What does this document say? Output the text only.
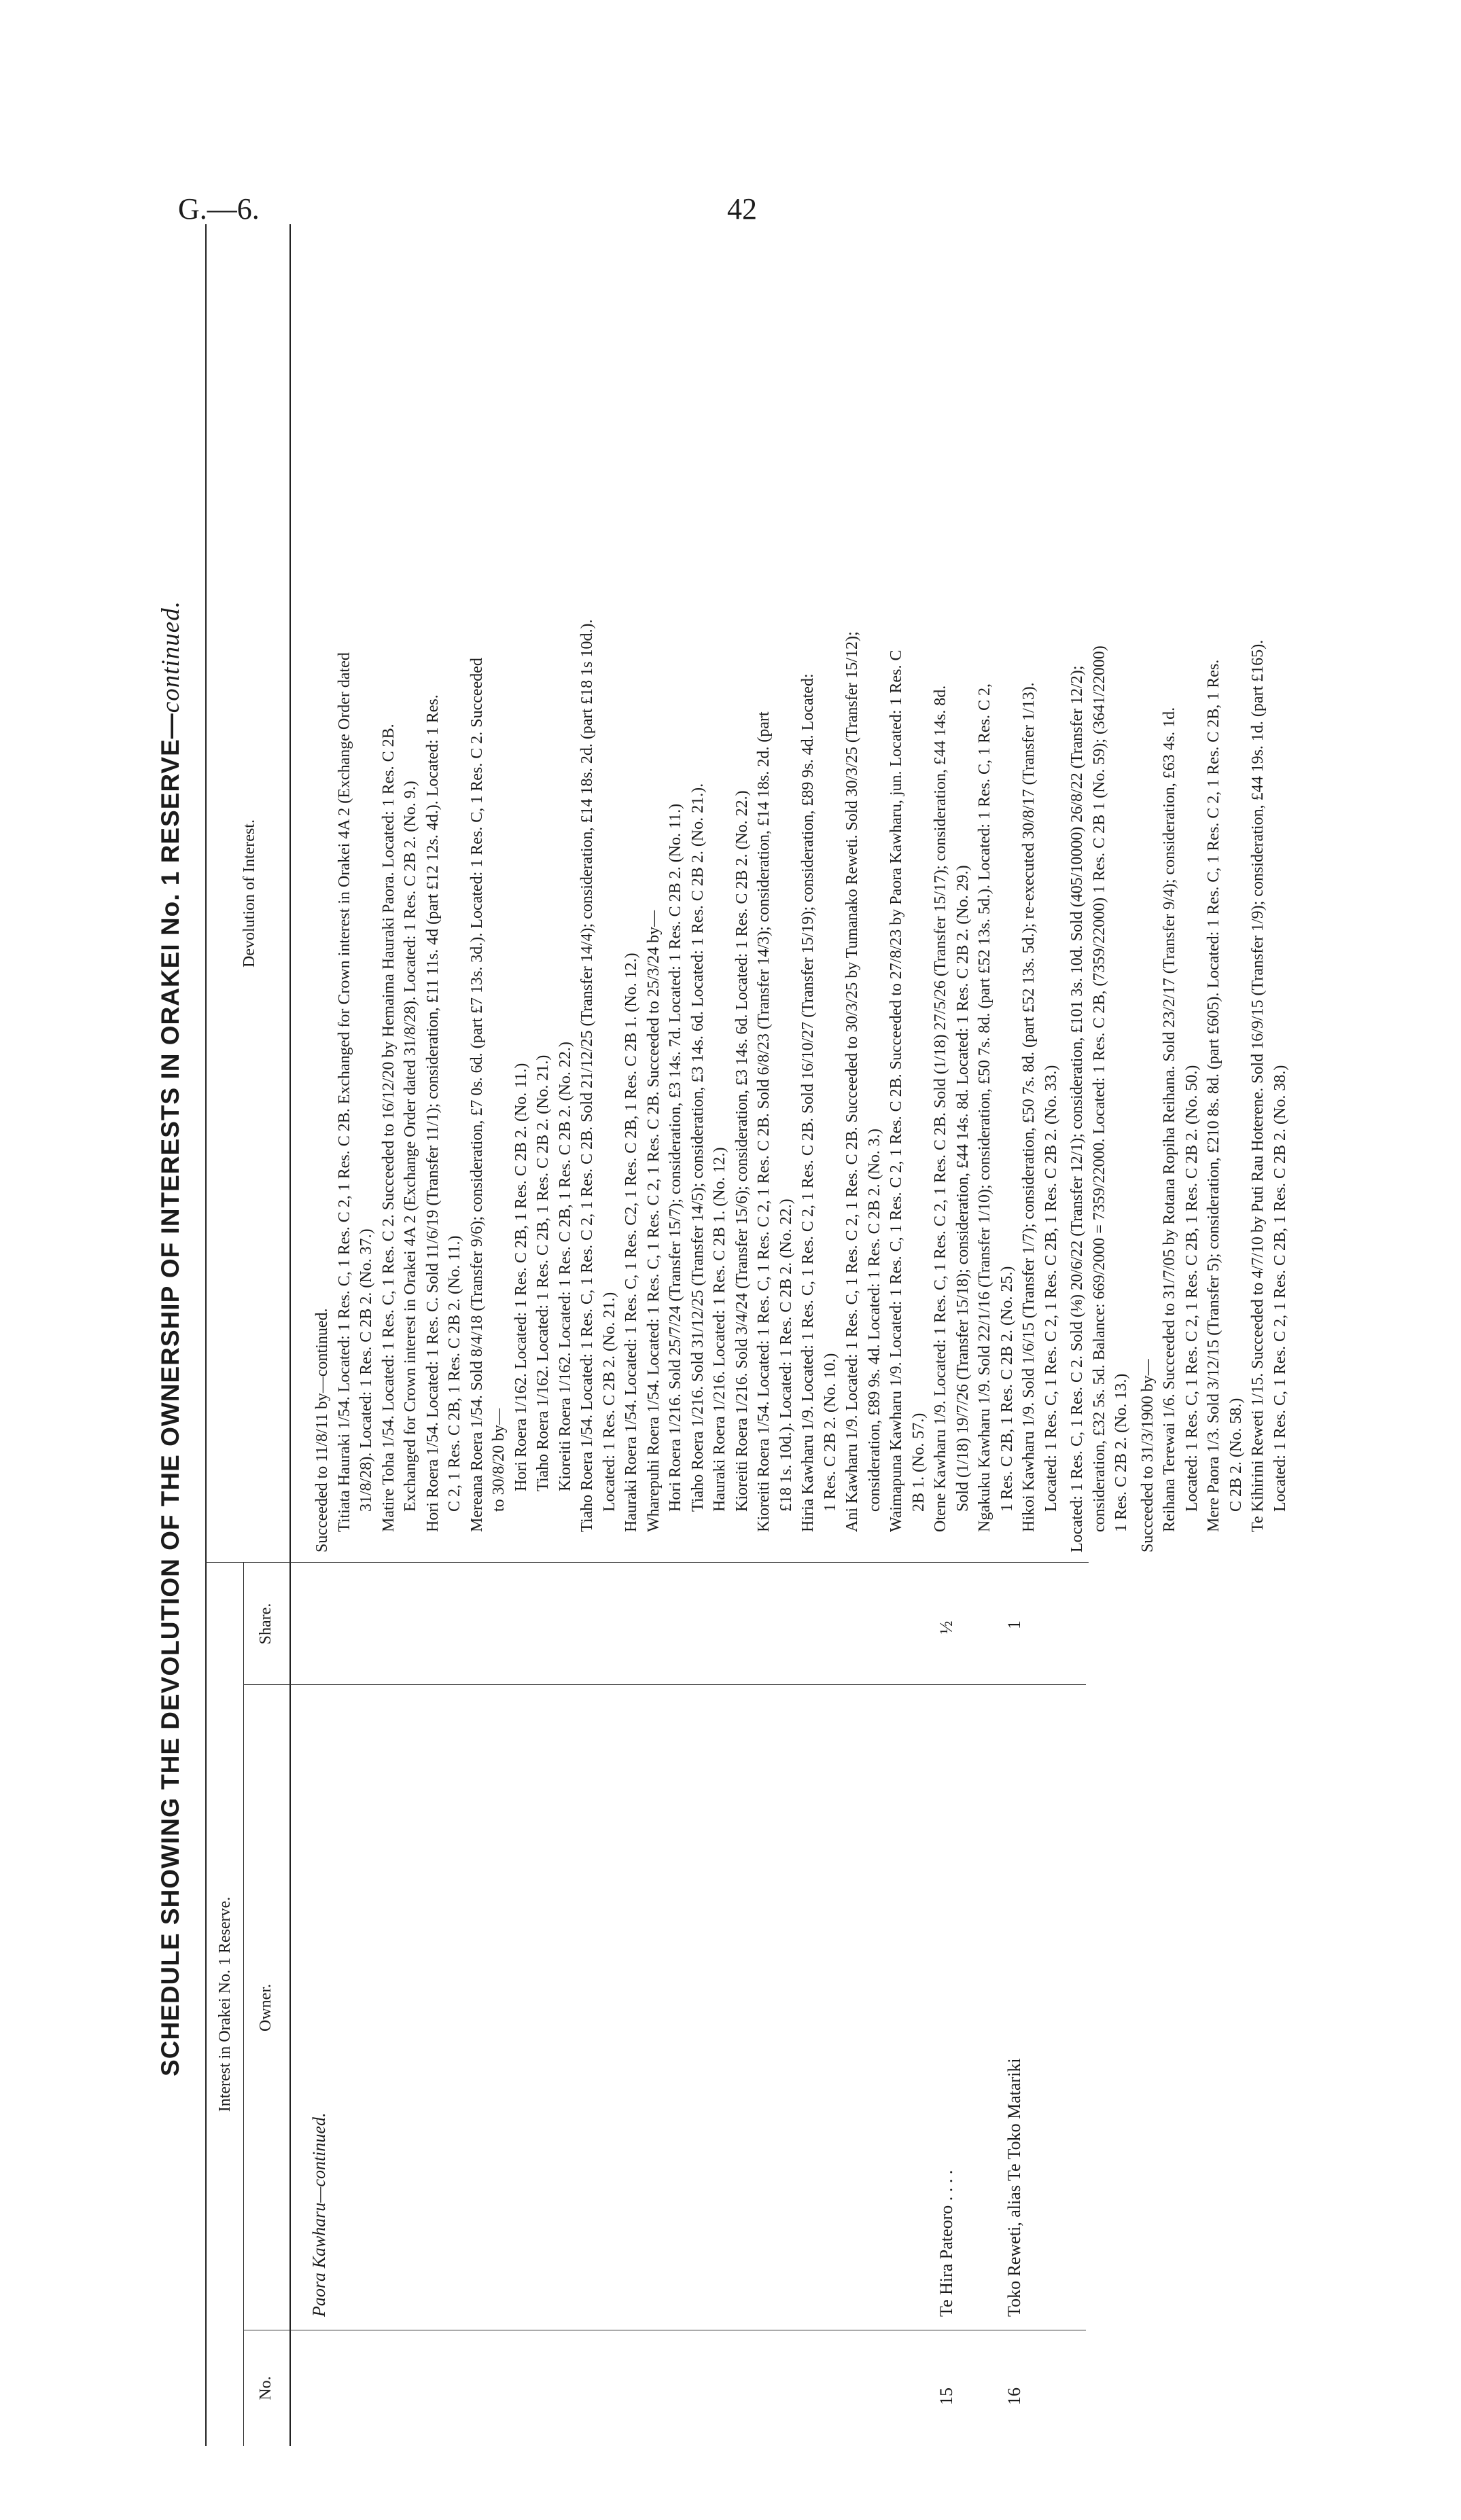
G.—6.	42
SCHEDULE SHOWING THE DEVOLUTION OF THE OWNERSHIP OF INTERESTS IN ORAKEI No. 1 RESERVE—continued.
Interest in Orakei No. 1 Reserve.
No.
Owner.
Share.
Devolution of Interest.
Paora Kawharu—continued.
15
Te Hira Pateoro . . . .
½
16
Toko Reweti, alias Te Toko Matariki
1
Succeeded to 11/8/11 by—continued. Titiata Hauraki 1/54. Located: 1 Res. C, 1 Res. C 2, 1 Res. C 2B. Exchanged for Crown interest in Orakei 4A 2 (Exchange Order dated 31/8/28). Located: 1 Res. C 2B 2. (No. 37.) Matire Toha 1/54. Located: 1 Res. C, 1 Res. C 2. Succeeded to 16/12/20 by Hemaima Hauraki Paora. Located: 1 Res. C 2B. Exchanged for Crown interest in Orakei 4A 2 (Exchange Order dated 31/8/28). Located: 1 Res. C 2B 2. (No. 9.) Hori Roera 1/54. Located: 1 Res. C. Sold 11/6/19 (Transfer 11/1); consideration, £11 11s. 4d (part £12 12s. 4d.). Located: 1 Res. C 2, 1 Res. C 2B, 1 Res. C 2B 2. (No. 11.) Mereana Roera 1/54. Sold 8/4/18 (Transfer 9/6); consideration, £7 0s. 6d. (part £7 13s. 3d.). Located: 1 Res. C, 1 Res. C 2. Succeeded to 30/8/20 by— Hori Roera 1/162. Located: 1 Res. C 2B, 1 Res. C 2B 2. (No. 11.) Tiaho Roera 1/162. Located: 1 Res. C 2B, 1 Res. C 2B 2. (No. 21.) Kioreiti Roera 1/162. Located: 1 Res. C 2B, 1 Res. C 2B 2. (No. 22.) Tiaho Roera 1/54. Located: 1 Res. C, 1 Res. C 2, 1 Res. C 2B. Sold 21/12/25 (Transfer 14/4); consideration, £14 18s. 2d. (part £18 1s 10d.). Located: 1 Res. C 2B 2. (No. 21.) Hauraki Roera 1/54. Located: 1 Res. C, 1 Res. C2, 1 Res. C 2B, 1 Res. C 2B 1. (No. 12.) Wharepuhi Roera 1/54. Located: 1 Res. C, 1 Res. C 2, 1 Res. C 2B. Succeeded to 25/3/24 by— Hori Roera 1/216. Sold 25/7/24 (Transfer 15/7); consideration, £3 14s. 7d. Located: 1 Res. C 2B 2. (No. 11.) Tiaho Roera 1/216. Sold 31/12/25 (Transfer 14/5); consideration, £3 14s. 6d. Located: 1 Res. C 2B 2. (No. 21.). Hauraki Roera 1/216. Located: 1 Res. C 2B 1. (No. 12.) Kioreiti Roera 1/216. Sold 3/4/24 (Transfer 15/6); consideration, £3 14s. 6d. Located: 1 Res. C 2B 2. (No. 22.) Kioreiti Roera 1/54. Located: 1 Res. C, 1 Res. C 2, 1 Res. C 2B. Sold 6/8/23 (Transfer 14/3); consideration, £14 18s. 2d. (part £18 1s. 10d.). Located: 1 Res. C 2B 2. (No. 22.) Hiria Kawharu 1/9. Located: 1 Res. C, 1 Res. C 2, 1 Res. C 2B. Sold 16/10/27 (Transfer 15/19); consideration, £89 9s. 4d. Located: 1 Res. C 2B 2. (No. 10.) Ani Kawharu 1/9. Located: 1 Res. C, 1 Res. C 2, 1 Res. C 2B. Succeeded to 30/3/25 by Tumanako Reweti. Sold 30/3/25 (Transfer 15/12); consideration, £89 9s. 4d. Located: 1 Res. C 2B 2. (No. 3.) Waimapuna Kawharu 1/9. Located: 1 Res. C, 1 Res. C 2, 1 Res. C 2B. Succeeded to 27/8/23 by Paora Kawharu, jun. Located: 1 Res. C 2B 1. (No. 57.) Otene Kawharu 1/9. Located: 1 Res. C, 1 Res. C 2, 1 Res. C 2B. Sold (1/18) 27/5/26 (Transfer 15/17); consideration, £44 14s. 8d. Sold (1/18) 19/7/26 (Transfer 15/18); consideration, £44 14s. 8d. Located: 1 Res. C 2B 2. (No. 29.) Ngakuku Kawharu 1/9. Sold 22/1/16 (Transfer 1/10); consideration, £50 7s. 8d. (part £52 13s. 5d.). Located: 1 Res. C, 1 Res. C 2, 1 Res. C 2B, 1 Res. C 2B 2. (No. 25.) Hikoi Kawharu 1/9. Sold 1/6/15 (Transfer 1/7); consideration, £50 7s. 8d. (part £52 13s. 5d.); re-executed 30/8/17 (Transfer 1/13). Located: 1 Res. C, 1 Res. C 2, 1 Res. C 2B, 1 Res. C 2B 2. (No. 33.) Located: 1 Res. C, 1 Res. C 2. Sold (⅛) 20/6/22 (Transfer 12/1); consideration, £101 3s. 10d. Sold (405/10000) 26/8/22 (Transfer 12/2); consideration, £32 5s. 5d. Balance: 669/2000 = 7359/22000. Located: 1 Res. C 2B, (7359/22000) 1 Res. C 2B 1 (No. 59); (3641/22000) 1 Res. C 2B 2. (No. 13.) Succeeded to 31/3/1900 by— Reihana Terewai 1/6. Succeeded to 31/7/05 by Rotana Ropiha Reihana. Sold 23/2/17 (Transfer 9/4); consideration, £63 4s. 1d. Located: 1 Res. C, 1 Res. C 2, 1 Res. C 2B, 1 Res. C 2B 2. (No. 50.) Mere Paora 1/3. Sold 3/12/15 (Transfer 5); consideration, £210 8s. 8d. (part £605). Located: 1 Res. C, 1 Res. C 2, 1 Res. C 2B, 1 Res. C 2B 2. (No. 58.) Te Kihirini Reweti 1/15. Succeeded to 4/7/10 by Puti Rau Hoterene. Sold 16/9/15 (Transfer 1/9); consideration, £44 19s. 1d. (part £165). Located: 1 Res. C, 1 Res. C 2, 1 Res. C 2B, 1 Res. C 2B 2. (No. 38.)
